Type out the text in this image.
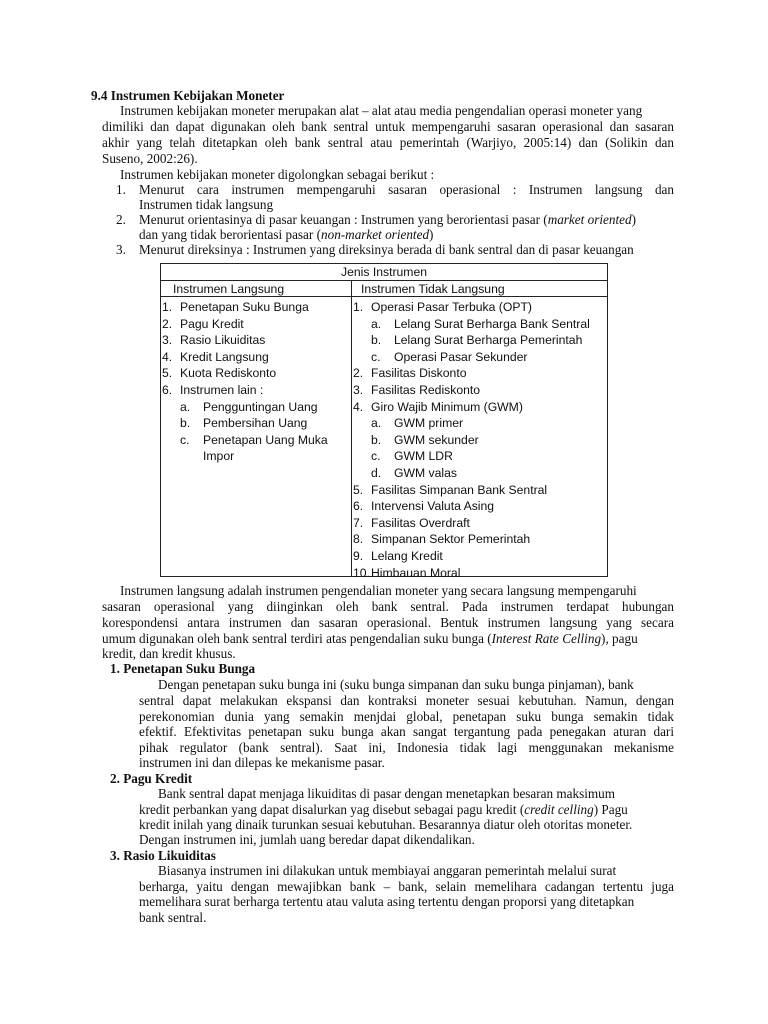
9.4 Instrumen Kebijakan Moneter
Instrumen kebijakan moneter merupakan alat – alat atau media pengendalian operasi moneter yang
dimiliki dan dapat digunakan oleh bank sentral untuk mempengaruhi sasaran operasional dan sasaran
akhir yang telah ditetapkan oleh bank sentral atau pemerintah (Warjiyo, 2005:14) dan (Solikin dan
Suseno, 2002:26).
Instrumen kebijakan moneter digolongkan sebagai berikut :
1. Menurut cara instrumen mempengaruhi sasaran operasional : Instrumen langsung dan
Instrumen tidak langsung
2. Menurut orientasinya di pasar keuangan : Instrumen yang berorientasi pasar (market oriented)
dan yang tidak berorientasi pasar (non-market oriented)
3. Menurut direksinya : Instrumen yang direksinya berada di bank sentral dan di pasar keuangan
Jenis Instrumen
Instrumen Langsung	Instrumen Tidak Langsung
1. Penetapan Suku Bunga
2. Pagu Kredit
3. Rasio Likuiditas
4. Kredit Langsung
5. Kuota Rediskonto
6. Instrumen lain :
a. Pengguntingan Uang
b. Pembersihan Uang
c. Penetapan Uang Muka
Impor
1. Operasi Pasar Terbuka (OPT)
a. Lelang Surat Berharga Bank Sentral
b. Lelang Surat Berharga Pemerintah
c. Operasi Pasar Sekunder
2. Fasilitas Diskonto
3. Fasilitas Rediskonto
4. Giro Wajib Minimum (GWM)
a. GWM primer
b. GWM sekunder
c. GWM LDR
d. GWM valas
5. Fasilitas Simpanan Bank Sentral
6. Intervensi Valuta Asing
7. Fasilitas Overdraft
8. Simpanan Sektor Pemerintah
9. Lelang Kredit
10. Himbauan Moral
Instrumen langsung adalah instrumen pengendalian moneter yang secara langsung mempengaruhi
sasaran operasional yang diinginkan oleh bank sentral. Pada instrumen terdapat hubungan
korespondensi antara instrumen dan sasaran operasional. Bentuk instrumen langsung yang secara
umum digunakan oleh bank sentral terdiri atas pengendalian suku bunga (Interest Rate Celling), pagu
kredit, dan kredit khusus.
1. Penetapan Suku Bunga
Dengan penetapan suku bunga ini (suku bunga simpanan dan suku bunga pinjaman), bank
sentral dapat melakukan ekspansi dan kontraksi moneter sesuai kebutuhan. Namun, dengan
perekonomian dunia yang semakin menjdai global, penetapan suku bunga semakin tidak
efektif. Efektivitas penetapan suku bunga akan sangat tergantung pada penegakan aturan dari
pihak regulator (bank sentral). Saat ini, Indonesia tidak lagi menggunakan mekanisme
instrumen ini dan dilepas ke mekanisme pasar.
2. Pagu Kredit
Bank sentral dapat menjaga likuiditas di pasar dengan menetapkan besaran maksimum
kredit perbankan yang dapat disalurkan yag disebut sebagai pagu kredit (credit celling) Pagu
kredit inilah yang dinaik turunkan sesuai kebutuhan. Besarannya diatur oleh otoritas moneter.
Dengan instrumen ini, jumlah uang beredar dapat dikendalikan.
3. Rasio Likuiditas
Biasanya instrumen ini dilakukan untuk membiayai anggaran pemerintah melalui surat
berharga, yaitu dengan mewajibkan bank – bank, selain memelihara cadangan tertentu juga
memelihara surat berharga tertentu atau valuta asing tertentu dengan proporsi yang ditetapkan
bank sentral.
